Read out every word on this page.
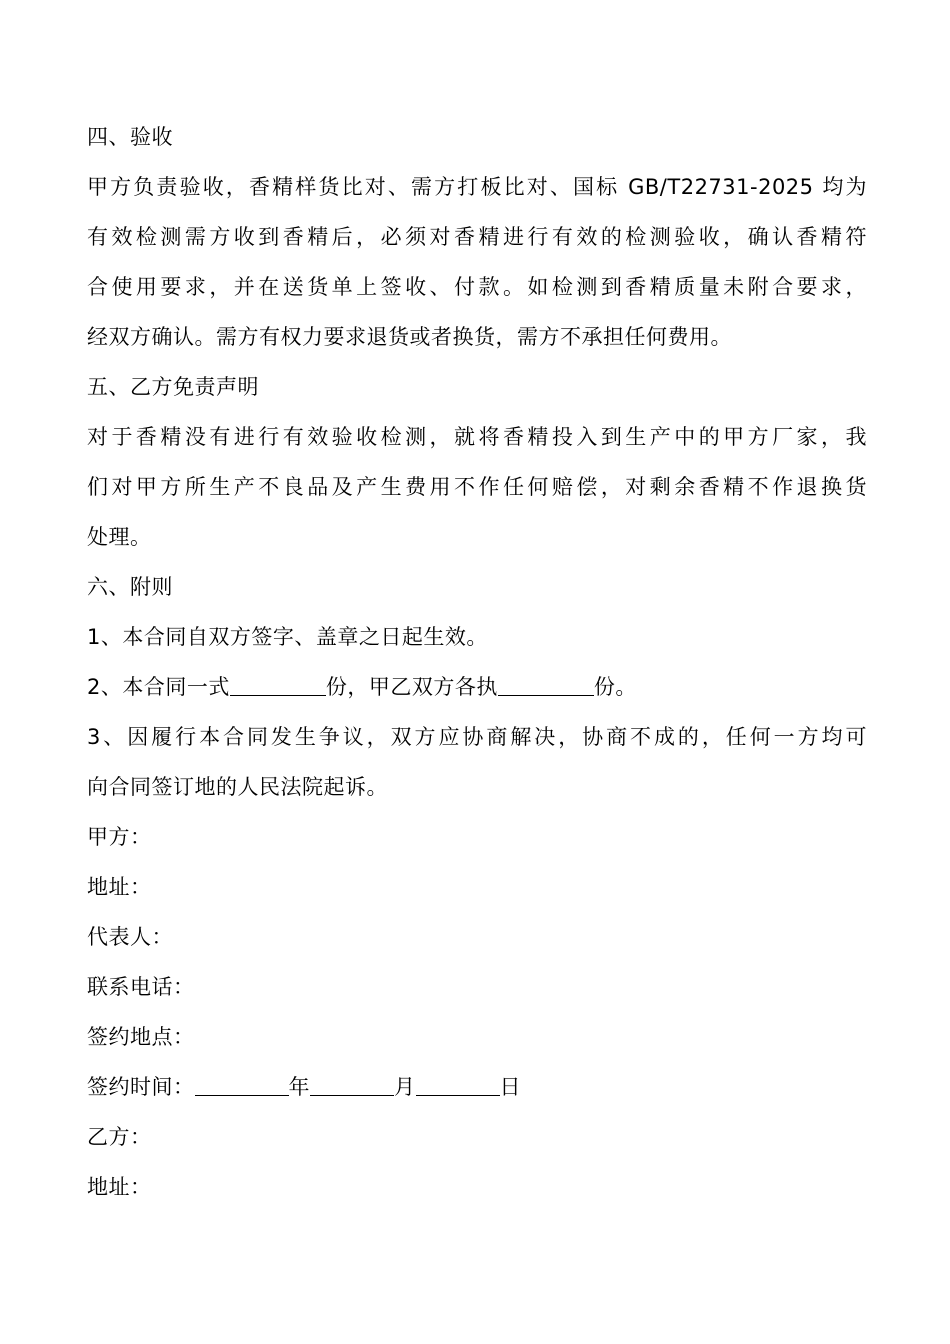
四、验收
甲方负责验收，香精样货比对、需方打板比对、国标 GB/T22731-2025 均为
有效检测需方收到香精后，必须对香精进行有效的检测验收，确认香精符
合使用要求，并在送货单上签收、付款。如检测到香精质量未附合要求，
经双方确认。需方有权力要求退货或者换货，需方不承担任何费用。
五、乙方免责声明
对于香精没有进行有效验收检测，就将香精投入到生产中的甲方厂家，我
们对甲方所生产不良品及产生费用不作任何赔偿，对剩余香精不作退换货
处理。
六、附则
1、本合同自双方签字、盖章之日起生效。
2、本合同一式	份，甲乙双方各执	份。
3、因履行本合同发生争议，双方应协商解决，协商不成的，任何一方均可
向合同签订地的人民法院起诉。
甲方：
地址：
代表人：
联系电话：
签约地点：
签约时间：	年	月	日
乙方：
地址：
